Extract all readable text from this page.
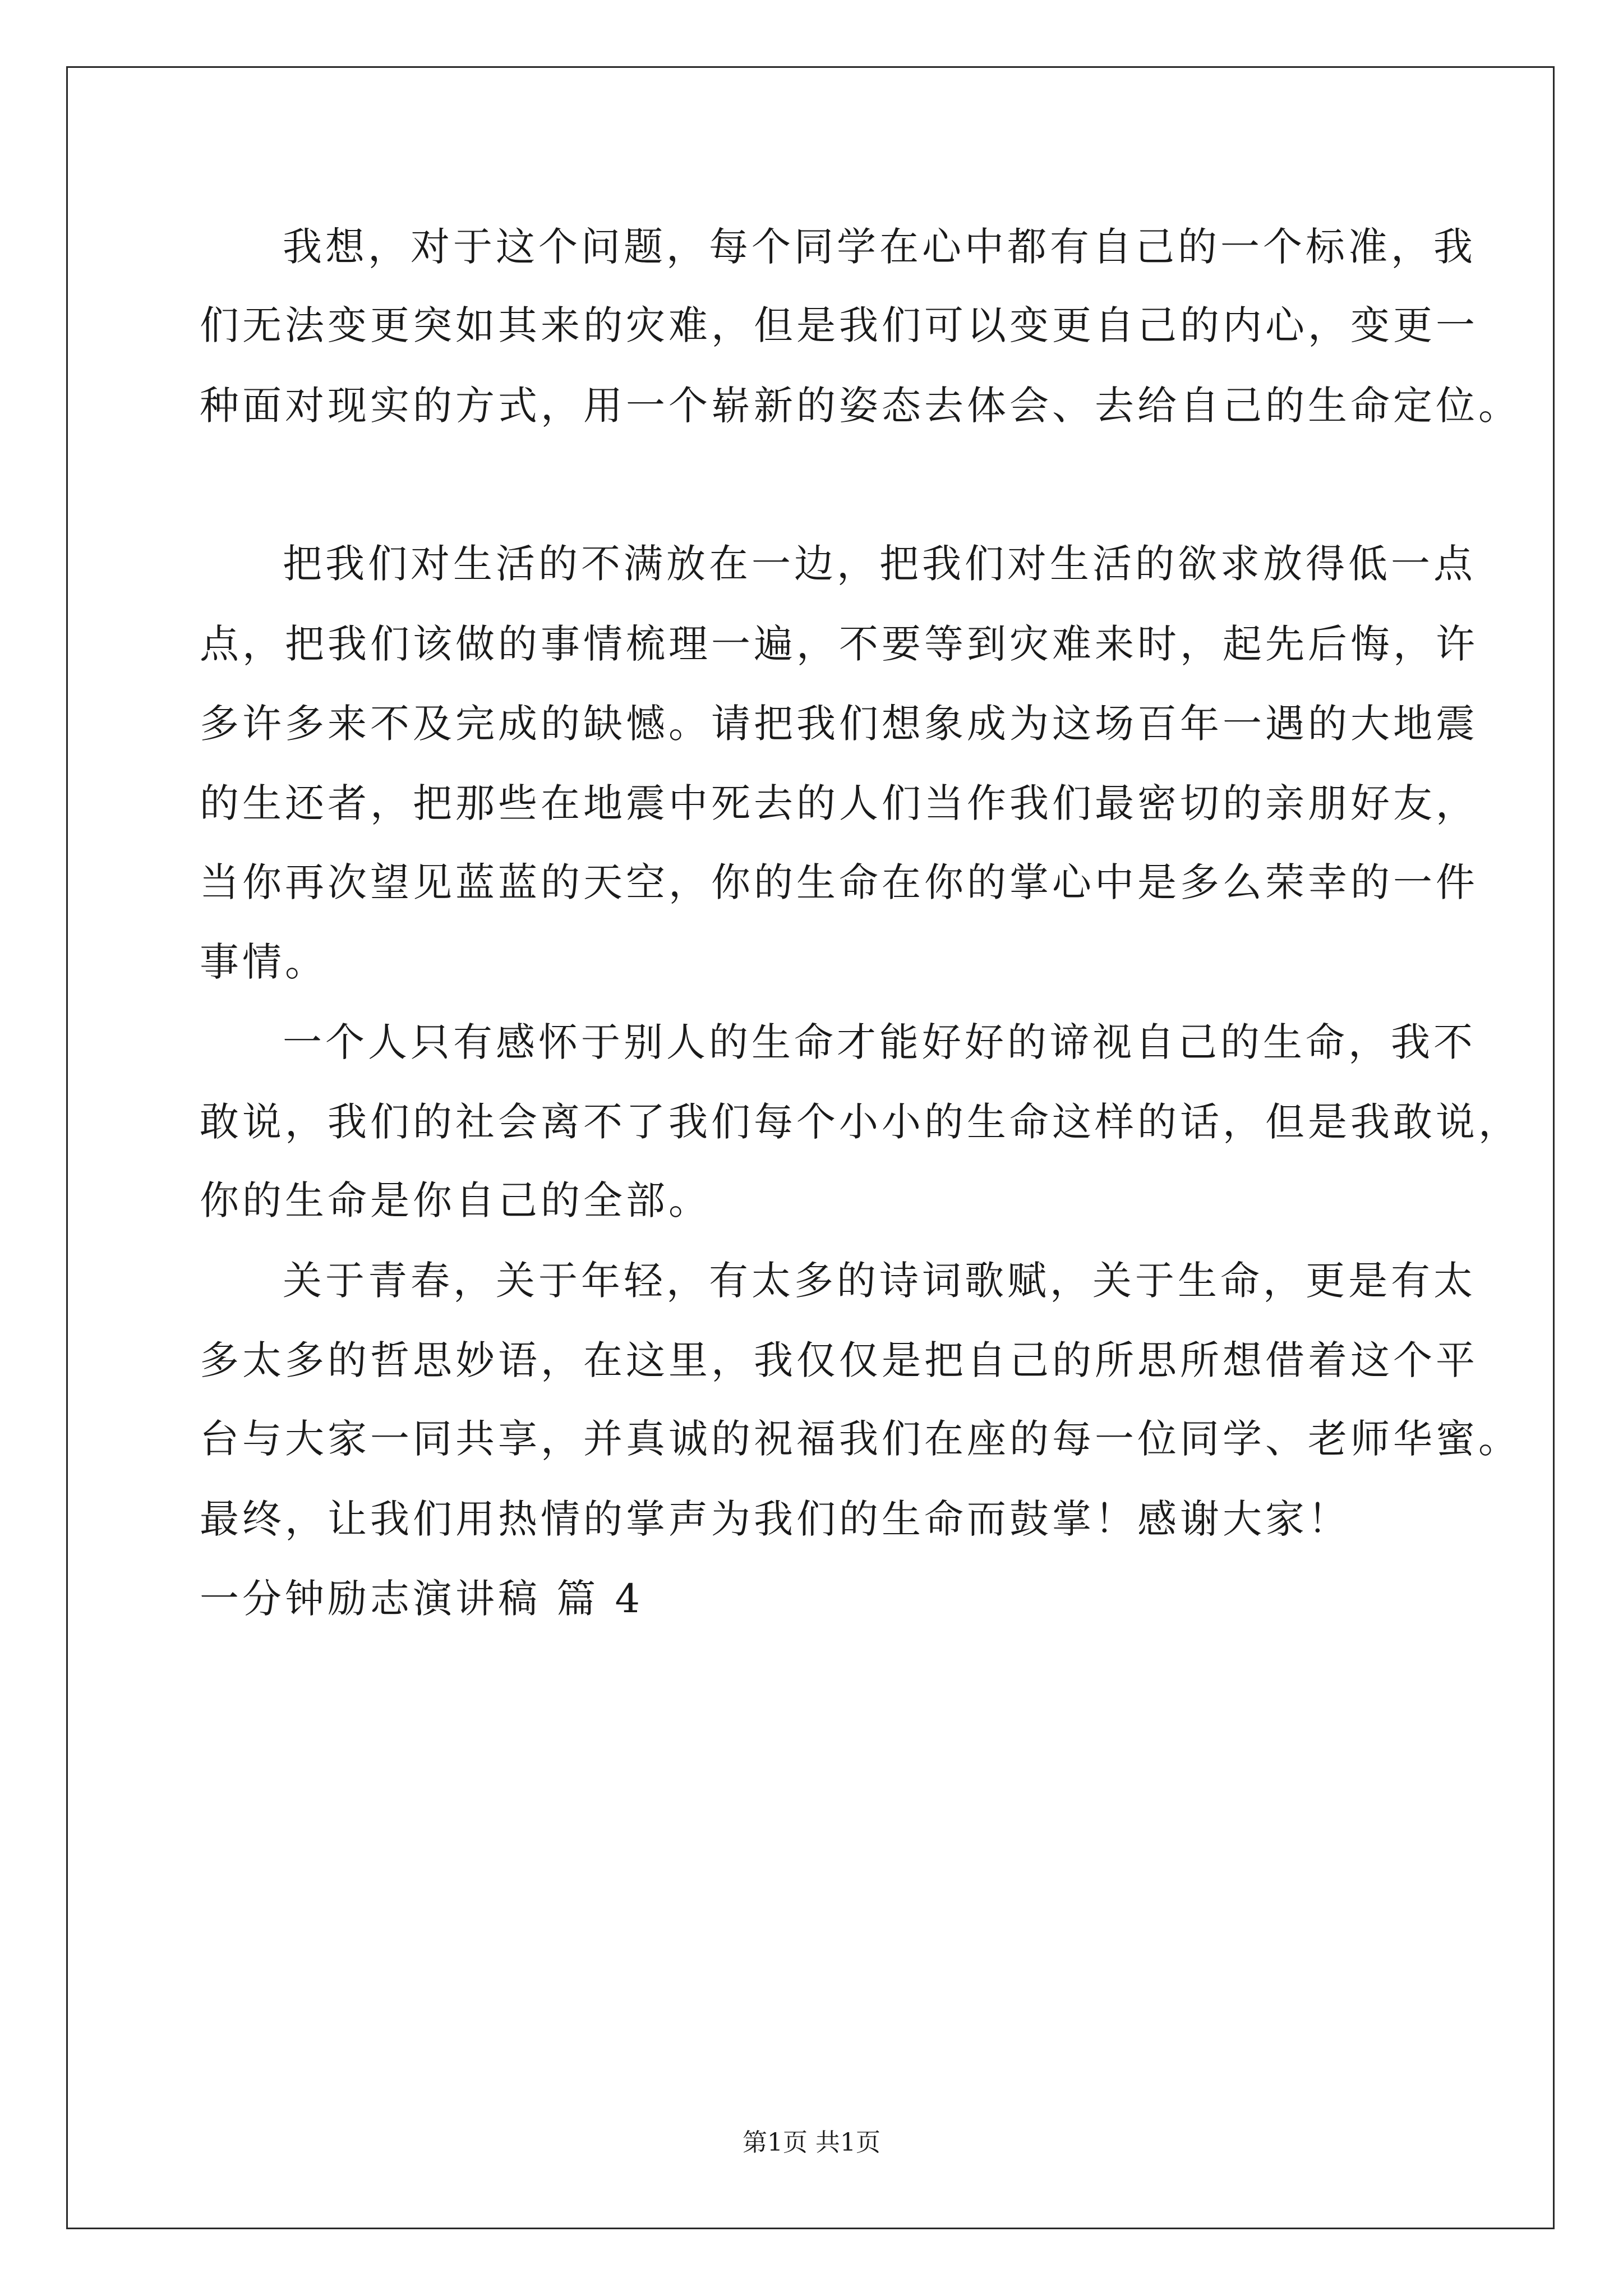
我想，对于这个问题，每个同学在心中都有自己的一个标准，我
们无法变更突如其来的灾难，但是我们可以变更自己的内心，变更一
种面对现实的方式，用一个崭新的姿态去体会、去给自己的生命定位。
把我们对生活的不满放在一边，把我们对生活的欲求放得低一点
点，把我们该做的事情梳理一遍，不要等到灾难来时，起先后悔，许
多许多来不及完成的缺憾。请把我们想象成为这场百年一遇的大地震
的生还者，把那些在地震中死去的人们当作我们最密切的亲朋好友，
当你再次望见蓝蓝的天空，你的生命在你的掌心中是多么荣幸的一件
事情。
一个人只有感怀于别人的生命才能好好的谛视自己的生命，我不
敢说，我们的社会离不了我们每个小小的生命这样的话，但是我敢说，
你的生命是你自己的全部。
关于青春，关于年轻，有太多的诗词歌赋，关于生命，更是有太
多太多的哲思妙语，在这里，我仅仅是把自己的所思所想借着这个平
台与大家一同共享，并真诚的祝福我们在座的每一位同学、老师华蜜。
最终，让我们用热情的掌声为我们的生命而鼓掌！感谢大家！
一分钟励志演讲稿 篇 4
第1页 共1页
